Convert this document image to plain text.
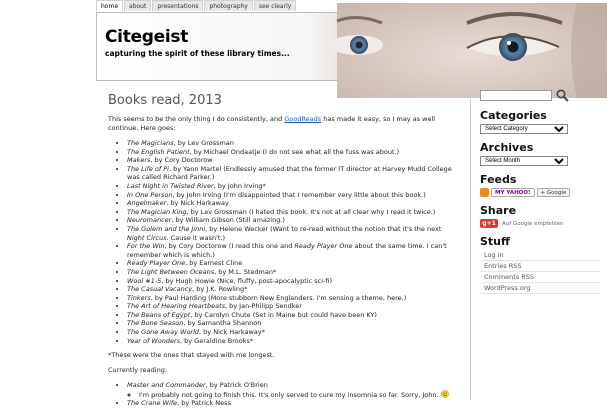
home	about	presentations	photography	see clearly
Citegeist
capturing the spirit of these library times...
Books read, 2013

This seems to be the only thing I do consistently, and GoodReads has made it easy, so I may as well continue. Here goes:

• The Magicians, by Lev Grossman
• The English Patient, by Michael Ondaatje (I do not see what all the fuss was about.)
• Makers, by Cory Doctorow
• The Life of Pi, by Yann Martel (Endlessly amused that the former IT director at Harvey Mudd College was called Richard Parker.)
• Last Night in Twisted River, by John Irving*
• In One Person, by John Irving (I'm disappointed that I remember very little about this book.)
• Angelmaker, by Nick Harkaway
• The Magician King, by Lev Grossman (I hated this book. It's not at all clear why I read it twice.)
• Neuromancer, by William Gibson (Still amazing.)
• The Golem and the Jinni, by Helene Wecker (Want to re-read without the notion that it's the next Night Circus. Cause it wasn't.)
• For the Win, by Cory Doctorow (I read this one and Ready Player One about the same time. I can't remember which is which.)
• Ready Player One, by Earnest Cline
• The Light Between Oceans, by M.L. Stedman*
• Wool #1-5, by Hugh Howie (Nice, fluffy, post-apocalyptic sci-fi)
• The Casual Vacancy, by J.K. Rowling*
• Tinkers, by Paul Harding (More stubborn New Englanders. I'm sensing a theme, here.)
• The Art of Hearing Heartbeats, by Jan-Philipp Sendker
• The Beans of Egypt, by Carolyn Chute (Set in Maine but could have been KY)
• The Bone Season, by Samantha Shannon
• The Gone Away World, by Nick Harkaway*
• Year of Wonders, by Geraldine Brooks*

*These were the ones that stayed with me longest.

Currently reading:

• Master and Commander, by Patrick O'Brien
◦ I'm probably not going to finish this. It's only served to cure my insomnia so far. Sorry, John.
• The Crane Wife, by Patrick Ness
Categories
Select Category
Archives
Select Month
Feeds
MY YAHOO!	+ Google
Share
g+1	Auf Google empfehlen
Stuff
Log in
Entries RSS
Comments RSS
WordPress.org
